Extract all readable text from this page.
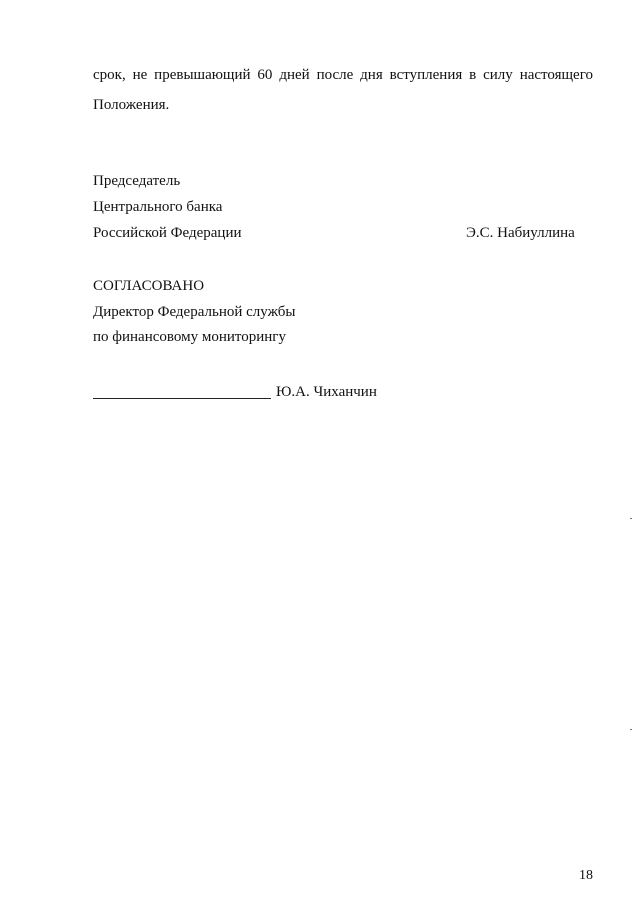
срок, не превышающий 60 дней после дня вступления в силу настоящего
Положения.
Председатель
Центрального банка
Российской Федерации	Э.С. Набиуллина
СОГЛАСОВАНО
Директор Федеральной службы
по финансовому мониторингу
Ю.А. Чиханчин
18
